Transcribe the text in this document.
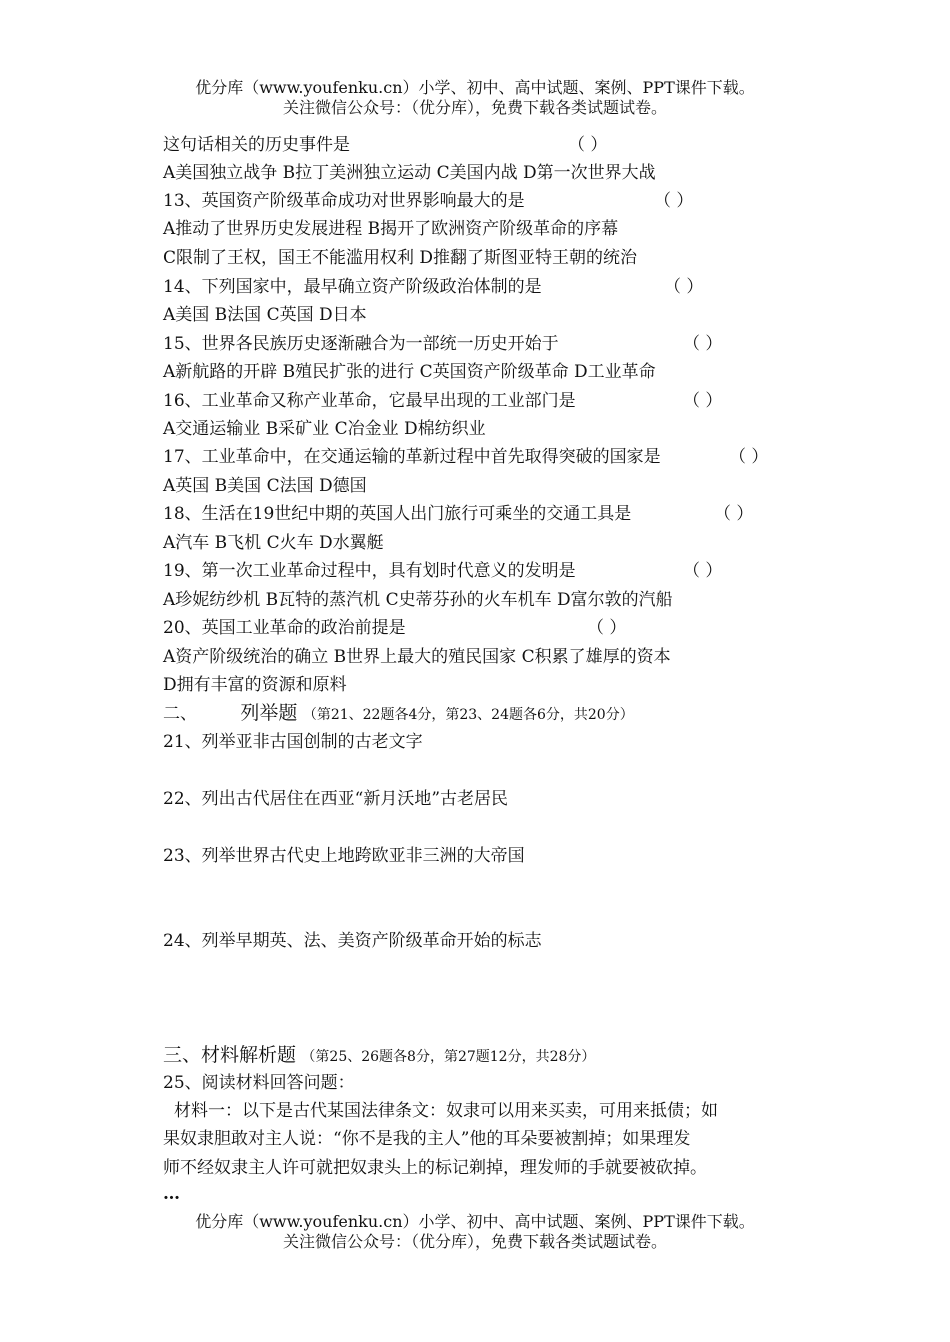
优分库（www.youfenku.cn）小学、初中、高中试题、案例、PPT课件下载。
关注微信公众号：（优分库），免费下载各类试题试卷。
这句话相关的历史事件是	（ ）
A美国独立战争 B拉丁美洲独立运动 C美国内战 D第一次世界大战
13、英国资产阶级革命成功对世界影响最大的是	（ ）
A推动了世界历史发展进程 B揭开了欧洲资产阶级革命的序幕
C限制了王权，国王不能滥用权利 D推翻了斯图亚特王朝的统治
14、下列国家中，最早确立资产阶级政治体制的是	（ ）
A美国 B法国 C英国 D日本
15、世界各民族历史逐渐融合为一部统一历史开始于	（ ）
A新航路的开辟 B殖民扩张的进行 C英国资产阶级革命 D工业革命
16、工业革命又称产业革命，它最早出现的工业部门是	（ ）
A交通运输业 B采矿业 C冶金业 D棉纺织业
17、工业革命中，在交通运输的革新过程中首先取得突破的国家是	（ ）
A英国 B美国 C法国 D德国
18、生活在19世纪中期的英国人出门旅行可乘坐的交通工具是	（ ）
A汽车 B飞机 C火车 D水翼艇
19、第一次工业革命过程中，具有划时代意义的发明是	（ ）
A珍妮纺纱机 B瓦特的蒸汽机 C史蒂芬孙的火车机车 D富尔敦的汽船
20、英国工业革命的政治前提是	（ ）
A资产阶级统治的确立 B世界上最大的殖民国家 C积累了雄厚的资本
D拥有丰富的资源和原料
二、 列举题 （第21、22题各4分，第23、24题各6分，共20分）
21、列举亚非古国创制的古老文字
22、列出古代居住在西亚“新月沃地”古老居民
23、列举世界古代史上地跨欧亚非三洲的大帝国
24、列举早期英、法、美资产阶级革命开始的标志
三、材料解析题 （第25、26题各8分，第27题12分，共28分）
25、阅读材料回答问题：
材料一：以下是古代某国法律条文：奴隶可以用来买卖，可用来抵债；如
果奴隶胆敢对主人说：“你不是我的主人”他的耳朵要被割掉；如果理发
师不经奴隶主人许可就把奴隶头上的标记剃掉，理发师的手就要被砍掉。
…
优分库（www.youfenku.cn）小学、初中、高中试题、案例、PPT课件下载。
关注微信公众号：（优分库），免费下载各类试题试卷。
